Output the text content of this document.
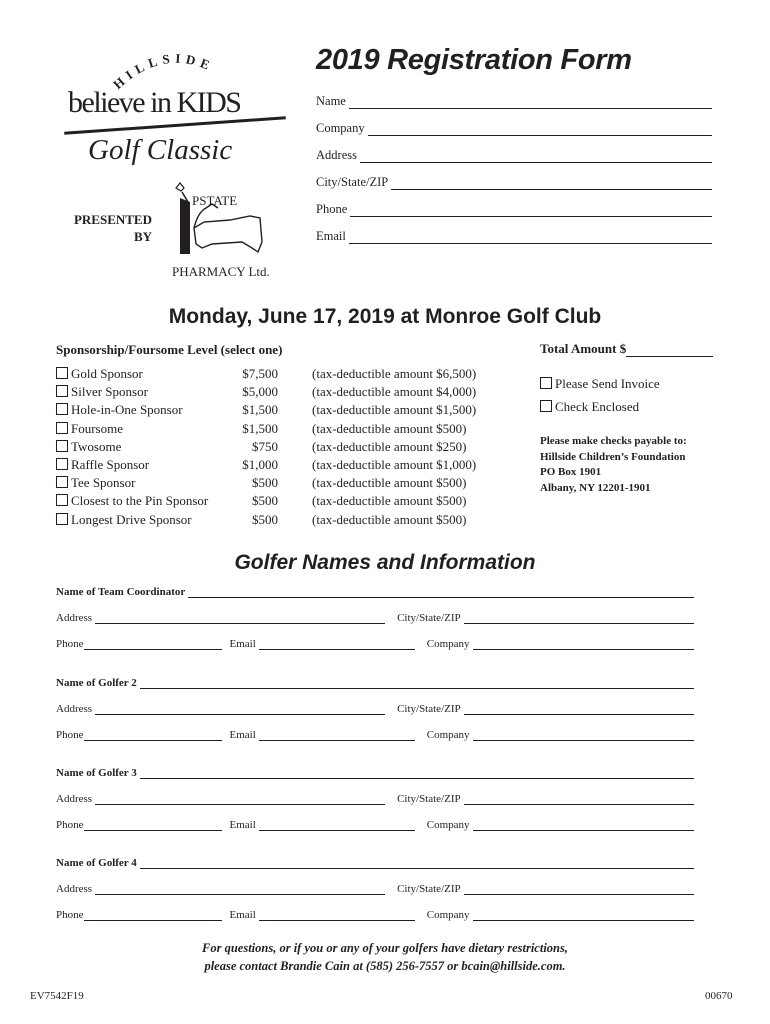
HILLSIDE
believe in KIDS
Golf Classic
PRESENTED
BY
PSTATE
PHARMACY Ltd.
2019 Registration Form
Name
Company
Address
City/State/ZIP
Phone
Email
Monday, June 17, 2019 at Monroe Golf Club
Sponsorship/Foursome Level (select one)
Gold Sponsor	$7,500	(tax-deductible amount $6,500)
Silver Sponsor	$5,000	(tax-deductible amount $4,000)
Hole-in-One Sponsor	$1,500	(tax-deductible amount $1,500)
Foursome	$1,500	(tax-deductible amount $500)
Twosome	$750	(tax-deductible amount $250)
Raffle Sponsor	$1,000	(tax-deductible amount $1,000)
Tee Sponsor	$500	(tax-deductible amount $500)
Closest to the Pin Sponsor	$500	(tax-deductible amount $500)
Longest Drive Sponsor	$500	(tax-deductible amount $500)
Total Amount $
Please Send Invoice
Check Enclosed
Please make checks payable to:
Hillside Children’s Foundation
PO Box 1901
Albany, NY 12201-1901
Golfer Names and Information
Name of Team Coordinator
Address	City/State/ZIP
Phone	Email	Company
Name of Golfer 2
Address	City/State/ZIP
Phone	Email	Company
Name of Golfer 3
Address	City/State/ZIP
Phone	Email	Company
Name of Golfer 4
Address	City/State/ZIP
Phone	Email	Company
For questions, or if you or any of your golfers have dietary restrictions,
please contact Brandie Cain at (585) 256-7557 or bcain@hillside.com.
EV7542F19	00670
